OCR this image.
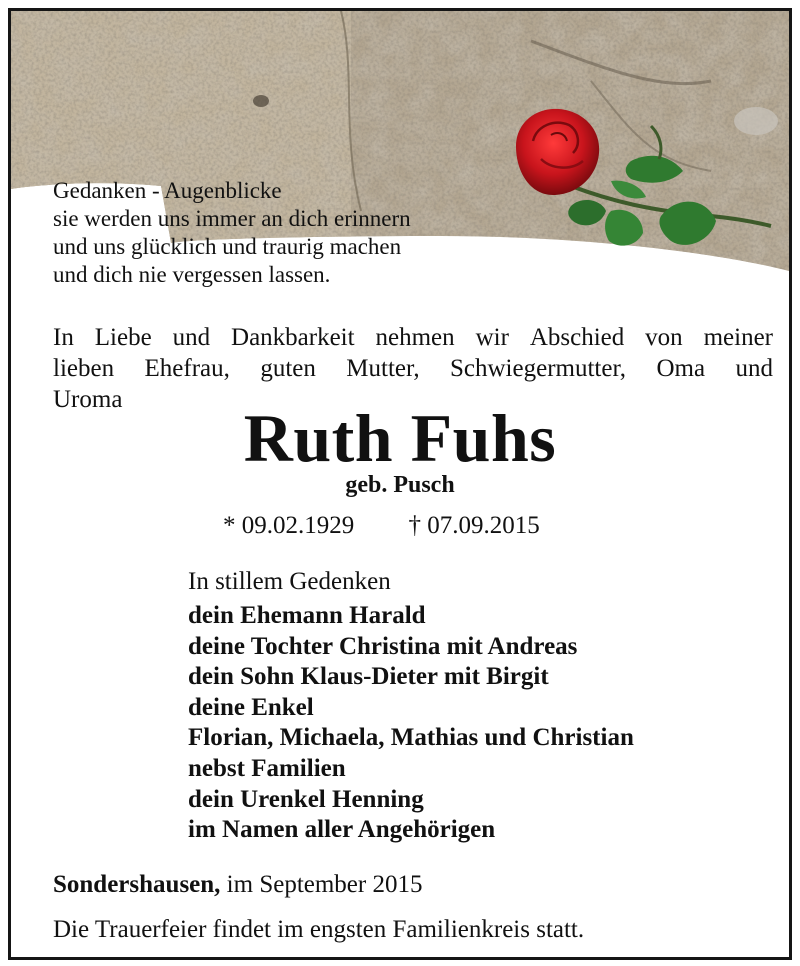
Gedanken - Augenblicke
sie werden uns immer an dich erinnern
und uns glücklich und traurig machen
und dich nie vergessen lassen.
In Liebe und Dankbarkeit nehmen wir Abschied von meiner
lieben Ehefrau, guten Mutter, Schwiegermutter, Oma und
Uroma
Ruth Fuhs
geb. Pusch
* 09.02.1929 † 07.09.2015
In stillem Gedenken
dein Ehemann Harald
deine Tochter Christina mit Andreas
dein Sohn Klaus-Dieter mit Birgit
deine Enkel
Florian, Michaela, Mathias und Christian
nebst Familien
dein Urenkel Henning
im Namen aller Angehörigen
Sondershausen, im September 2015
Die Trauerfeier findet im engsten Familienkreis statt.
